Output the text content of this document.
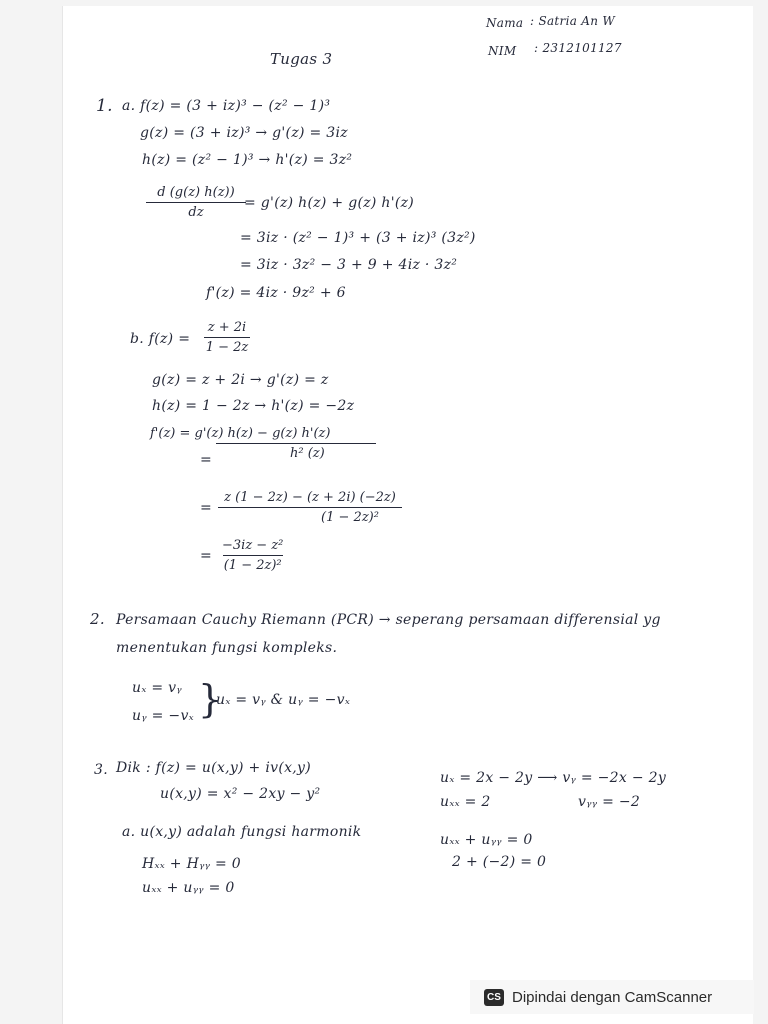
Nama : Satria An W
NIM : 2312101127
Tugas 3
1. a. f(z) = (3 + iz)³ − (z² − 1)³
g(z) = (3 + iz)³ → g'(z) = 3iz
h(z) = (z² − 1)³ → h'(z) = 3z²
d (g(z) h(z))
dz
= g'(z) h(z) + g(z) h'(z)
= 3iz · (z² − 1)³ + (3 + iz)³ (3z²)
= 3iz · 3z² − 3 + 9 + 4iz · 3z²
f'(z) = 4iz · 9z² + 6
b. f(z) =
z + 2i
1 − 2z
g(z) = z + 2i → g'(z) = z
h(z) = 1 − 2z → h'(z) = −2z
f'(z) = g'(z) h(z) − g(z) h'(z)
h² (z)
=
=
z (1 − 2z) − (z + 2i) (−2z)
(1 − 2z)²
=
−3iz − z²
(1 − 2z)²
2. Persamaan Cauchy Riemann (PCR) → seperang persamaan differensial yg
menentukan fungsi kompleks.
uₓ = vᵧ
uᵧ = −vₓ }
uₓ = vᵧ & uᵧ = −vₓ
3. Dik : f(z) = u(x,y) + iv(x,y)
u(x,y) = x² − 2xy − y²
a. u(x,y) adalah fungsi harmonik
Hₓₓ + Hᵧᵧ = 0
uₓₓ + uᵧᵧ = 0
uₓ = 2x − 2y ⟶ vᵧ = −2x − 2y
uₓₓ = 2	vᵧᵧ = −2
uₓₓ + uᵧᵧ = 0
2 + (−2) = 0
CS Dipindai dengan CamScanner
